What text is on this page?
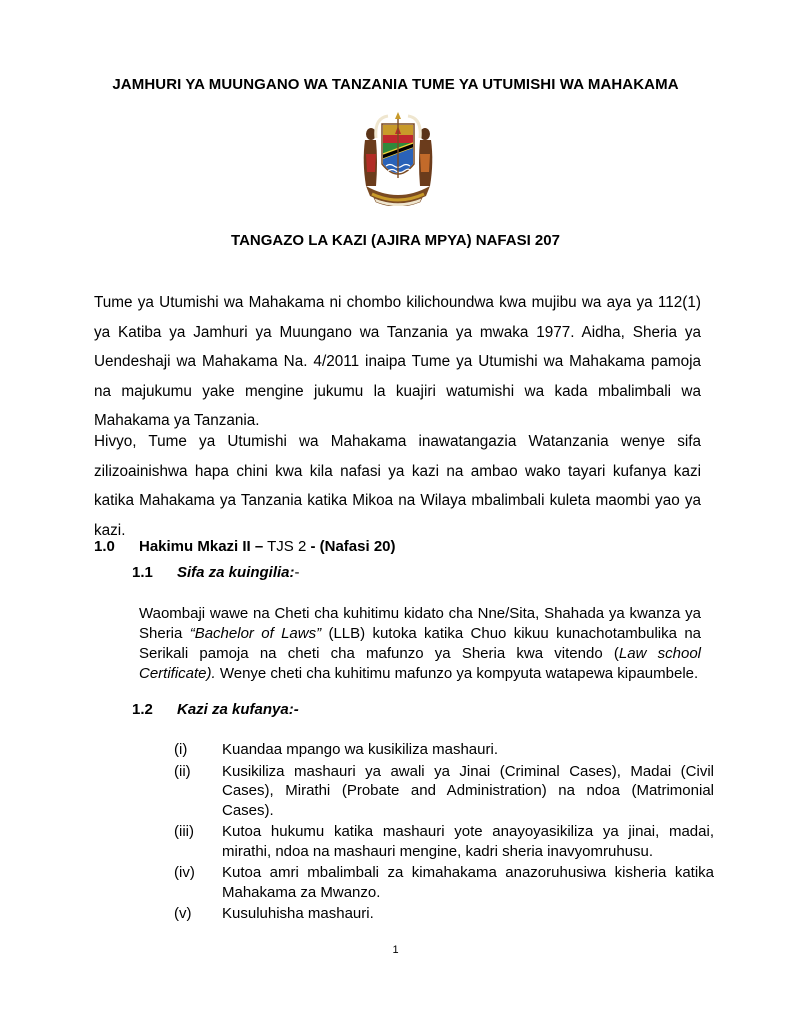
JAMHURI YA MUUNGANO WA TANZANIA TUME YA UTUMISHI WA MAHAKAMA
TANGAZO LA KAZI (AJIRA MPYA) NAFASI 207

Tume ya Utumishi wa Mahakama ni chombo kilichoundwa kwa mujibu wa aya ya 112(1) ya Katiba ya Jamhuri ya Muungano wa Tanzania ya mwaka 1977. Aidha, Sheria ya Uendeshaji wa Mahakama Na. 4/2011 inaipa Tume ya Utumishi wa Mahakama pamoja na majukumu yake mengine jukumu la kuajiri watumishi wa kada mbalimbali wa Mahakama ya Tanzania.

Hivyo, Tume ya Utumishi wa Mahakama inawatangazia Watanzania wenye sifa zilizoainishwa hapa chini kwa kila nafasi ya kazi na ambao wako tayari kufanya kazi katika Mahakama ya Tanzania katika Mikoa na Wilaya mbalimbali kuleta maombi yao ya kazi.

1.0 Hakimu Mkazi II – TJS 2 - (Nafasi 20)
1.1 Sifa za kuingilia:-

Waombaji wawe na Cheti cha kuhitimu kidato cha Nne/Sita, Shahada ya kwanza ya Sheria “Bachelor of Laws” (LLB) kutoka katika Chuo kikuu kunachotambulika na Serikali pamoja na cheti cha mafunzo ya Sheria kwa vitendo (Law school Certificate). Wenye cheti cha kuhitimu mafunzo ya kompyuta watapewa kipaumbele.

1.2 Kazi za kufanya:-
(i) Kuandaa mpango wa kusikiliza mashauri.
(ii) Kusikiliza mashauri ya awali ya Jinai (Criminal Cases), Madai (Civil Cases), Mirathi (Probate and Administration) na ndoa (Matrimonial Cases).
(iii) Kutoa hukumu katika mashauri yote anayoyasikiliza ya jinai, madai, mirathi, ndoa na mashauri mengine, kadri sheria inavyomruhusu.
(iv) Kutoa amri mbalimbali za kimahakama anazoruhusiwa kisheria katika Mahakama za Mwanzo.
(v) Kusuluhisha mashauri.
1
